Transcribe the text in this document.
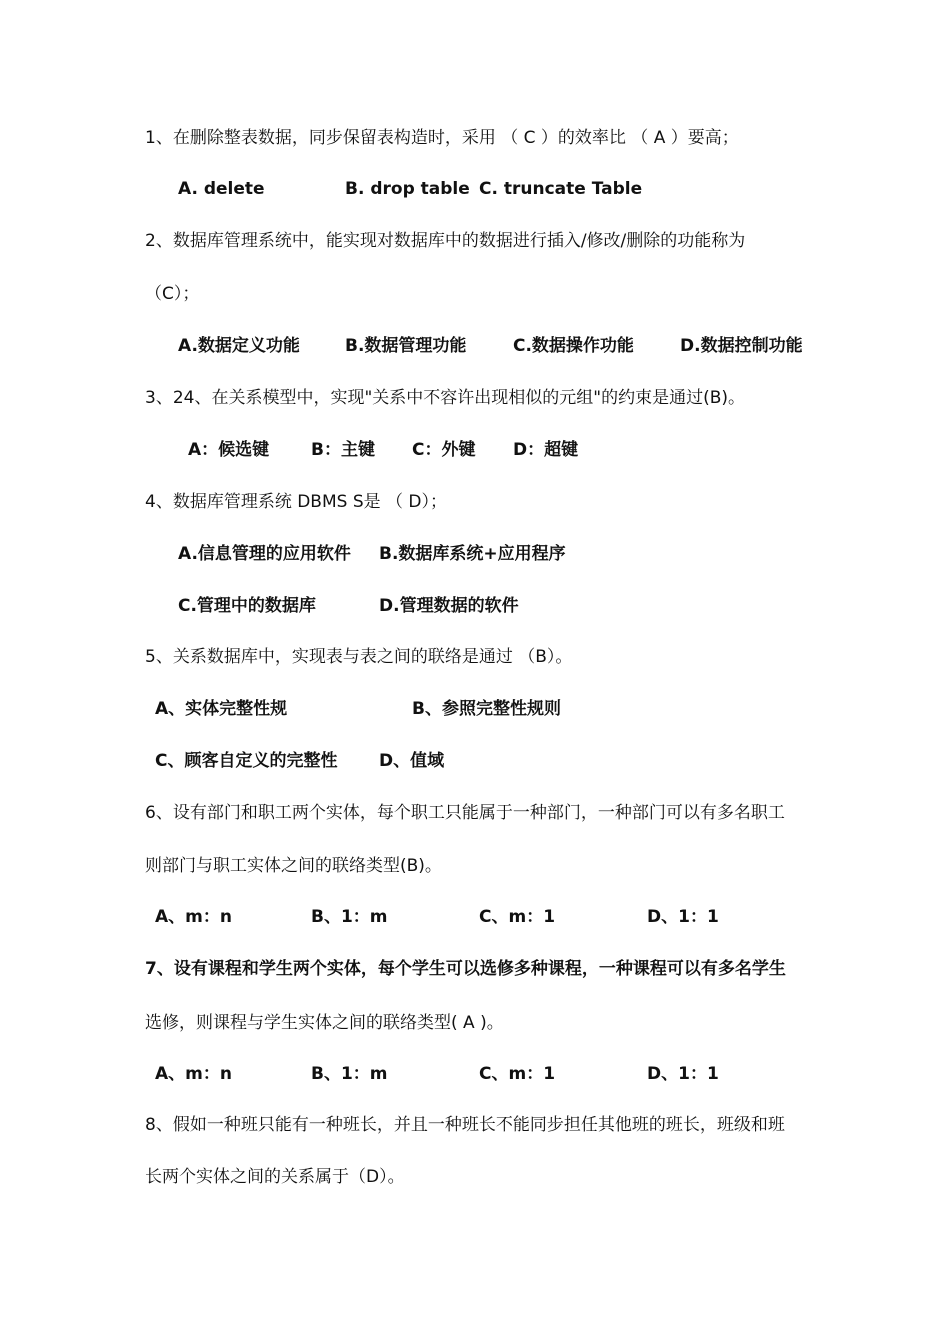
1、在删除整表数据，同步保留表构造时，采用 （ C ）的效率比 （ A ）要高；
A. delete	B. drop table C. truncate Table
2、数据库管理系统中，能实现对数据库中的数据进行插入/修改/删除的功能称为
（C）；
A.数据定义功能	B.数据管理功能	C.数据操作功能	D.数据控制功能
3、24、在关系模型中，实现"关系中不容许出现相似的元组"的约束是通过(B)。
A：候选键 B：主键 C：外键 D：超键
4、数据库管理系统 DBMS S是 （ D）；
A.信息管理的应用软件 B.数据库系统+应用程序
C.管理中的数据库	D.管理数据的软件
5、关系数据库中，实现表与表之间的联络是通过 （B）。
A、实体完整性规	B、参照完整性规则
C、顾客自定义的完整性 D、值域
6、设有部门和职工两个实体，每个职工只能属于一种部门，一种部门可以有多名职工
则部门与职工实体之间的联络类型(B)。
A、m：n	B、1：m	C、m：1	D、1：1
7、设有课程和学生两个实体，每个学生可以选修多种课程，一种课程可以有多名学生
选修，则课程与学生实体之间的联络类型( A )。
A、m：n	B、1：m	C、m：1	D、1：1
8、假如一种班只能有一种班长，并且一种班长不能同步担任其他班的班长，班级和班
长两个实体之间的关系属于（D）。
